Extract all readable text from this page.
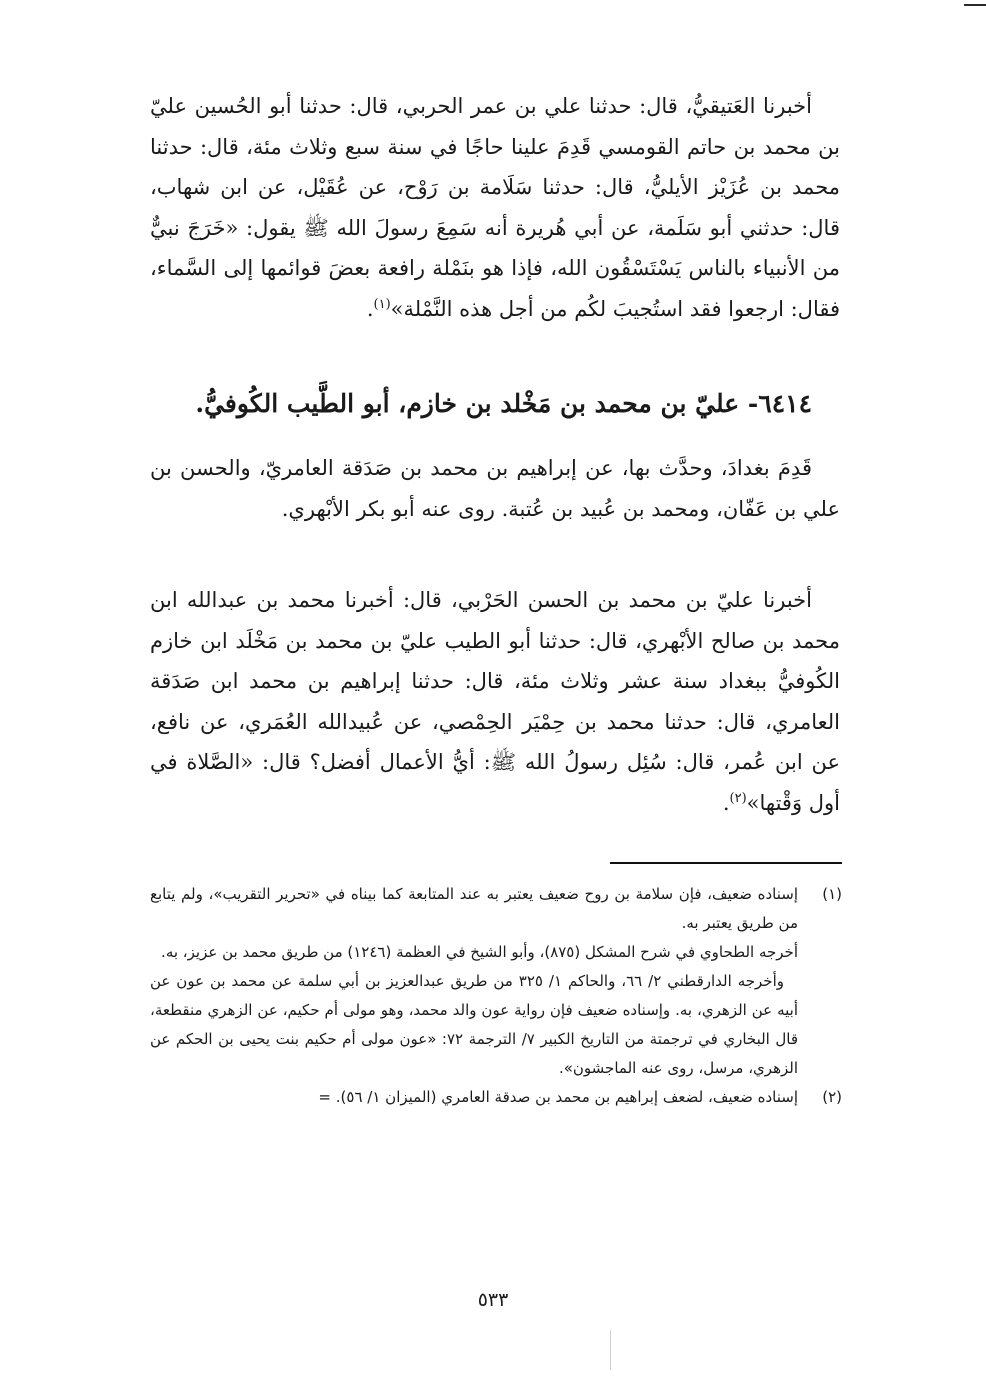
أخبرنا العَتيقيُّ، قال: حدثنا علي بن عمر الحربي، قال: حدثنا أبو الحُسين عليّ بن محمد بن حاتم القومسي قَدِمَ علينا حاجًا في سنة سبع وثلاث مئة، قال: حدثنا محمد بن عُزَيْز الأيليُّ، قال: حدثنا سَلَامة بن رَوْح، عن عُقَيْل، عن ابن شهاب، قال: حدثني أبو سَلَمة، عن أبي هُريرة أنه سَمِعَ رسولَ الله ﷺ يقول: «خَرَجَ نبيٌّ من الأنبياء بالناس يَسْتَسْقُون الله، فإذا هو بنَمْلة رافعة بعضَ قوائمها إلى السَّماء، فقال: ارجعوا فقد استُجيبَ لكُم من أجل هذه النَّمْلة»$^{(١)}$.

٦٤١٤- عليّ بن محمد بن مَخْلد بن خازم، أبو الطَّيب الكُوفيُّ.

قَدِمَ بغدادَ، وحدَّث بها، عن إبراهيم بن محمد بن صَدَقة العامريّ، والحسن بن علي بن عَفّان، ومحمد بن عُبيد بن عُتبة. روى عنه أبو بكر الأبْهري.

أخبرنا عليّ بن محمد بن الحسن الحَرْبي، قال: أخبرنا محمد بن عبدالله ابن محمد بن صالح الأبْهري، قال: حدثنا أبو الطيب عليّ بن محمد بن مَخْلَد ابن خازم الكُوفيُّ ببغداد سنة عشر وثلاث مئة، قال: حدثنا إبراهيم بن محمد ابن صَدَقة العامري، قال: حدثنا محمد بن حِمْيَر الحِمْصي، عن عُبيدالله العُمَري، عن نافع، عن ابن عُمر، قال: سُئِل رسولُ الله ﷺ: أيُّ الأعمال أفضل؟ قال: «الصَّلاة في أول وَقْتها»$^{(٢)}$.

(١)

إسناده ضعيف، فإن سلامة بن روح ضعيف يعتبر به عند المتابعة كما بيناه في «تحرير التقريب»، ولم يتابع من طريق يعتبر به.

أخرجه الطحاوي في شرح المشكل (٨٧٥)، وأبو الشيخ في العظمة (١٢٤٦) من طريق محمد بن عزيز، به.

وأخرجه الدارقطني ٢/ ٦٦، والحاكم ١/ ٣٢٥ من طريق عبدالعزيز بن أبي سلمة عن محمد بن عون عن أبيه عن الزهري، به. وإسناده ضعيف فإن رواية عون والد محمد، وهو مولى أم حكيم، عن الزهري منقطعة، قال البخاري في ترجمتة من التاريخ الكبير ٧/ الترجمة ٧٢: «عون مولى أم حكيم بنت يحيى بن الحكم عن الزهري، مرسل، روى عنه الماجشون».

(٢)

إسناده ضعيف، لضعف إبراهيم بن محمد بن صدقة العامري (الميزان ١/ ٥٦). =

٥٣٣
